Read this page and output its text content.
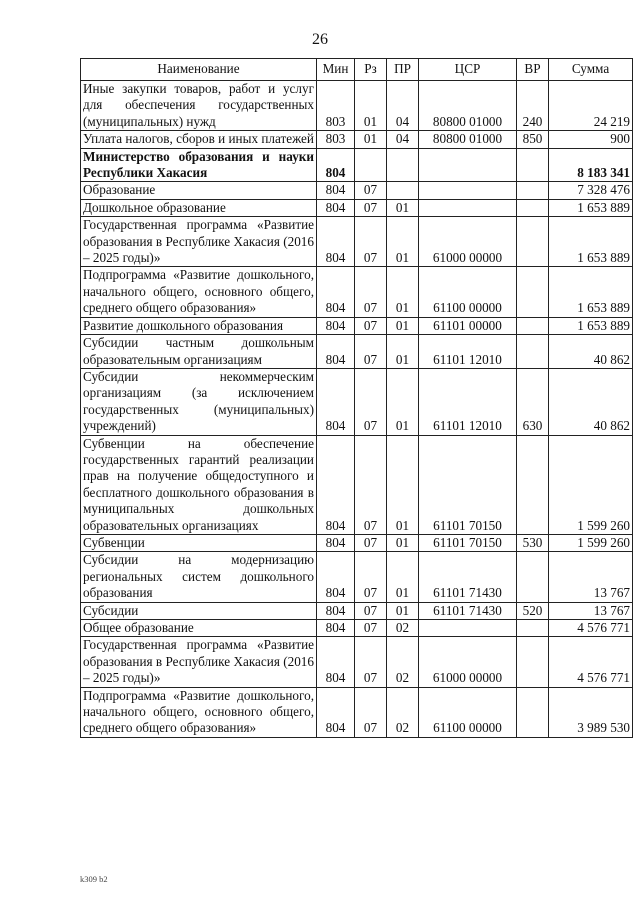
26
Наименование	Мин	Рз	ПР	ЦСР	ВР	Сумма
Иные закупки товаров, работ и услуг для обеспечения государственных (муниципальных) нужд	803	01	04	80800 01000	240	24 219
Уплата налогов, сборов и иных платежей	803	01	04	80800 01000	850	900
Министерство образования и науки Республики Хакасия	804					8 183 341
Образование	804	07				7 328 476
Дошкольное образование	804	07	01			1 653 889
Государственная программа «Развитие образования в Республике Хакасия (2016 – 2025 годы)»	804	07	01	61000 00000		1 653 889
Подпрограмма «Развитие дошкольного, начального общего, основного общего, среднего общего образования»	804	07	01	61100 00000		1 653 889
Развитие дошкольного образования	804	07	01	61101 00000		1 653 889
Субсидии частным дошкольным образовательным организациям	804	07	01	61101 12010		40 862
Субсидии некоммерческим организациям (за исключением государственных (муниципальных) учреждений)	804	07	01	61101 12010	630	40 862
Субвенции на обеспечение государственных гарантий реализации прав на получение общедоступного и бесплатного дошкольного образования в муниципальных дошкольных образовательных организациях	804	07	01	61101 70150		1 599 260
Субвенции	804	07	01	61101 70150	530	1 599 260
Субсидии на модернизацию региональных систем дошкольного образования	804	07	01	61101 71430		13 767
Субсидии	804	07	01	61101 71430	520	13 767
Общее образование	804	07	02			4 576 771
Государственная программа «Развитие образования в Республике Хакасия (2016 – 2025 годы)»	804	07	02	61000 00000		4 576 771
Подпрограмма «Развитие дошкольного, начального общего, основного общего, среднего общего образования»	804	07	02	61100 00000		3 989 530
k309 b2
